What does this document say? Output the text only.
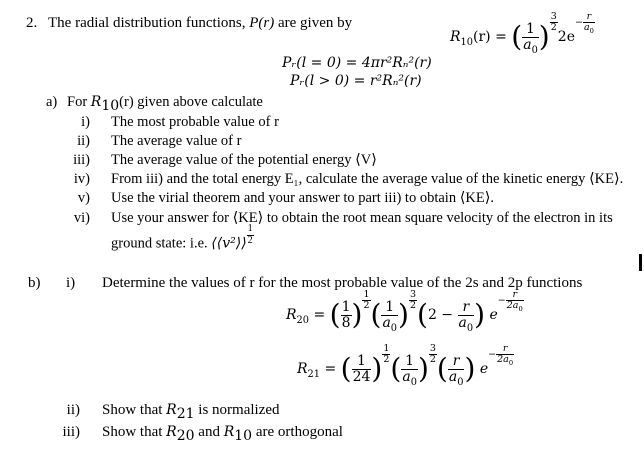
2. The radial distribution functions, P(r) are given by
$R_{10}(r)$ = ( $\frac{1}{a_0}$ ) $\frac{3}{2}$
$2e- \frac{r}{a_0}$
Pᵣ(l = 0) = 4πr²Rₙ²(r)
Pᵣ(l > 0) = r²Rₙ²(r)
a) For $R_{10}(r)$ given above calculate
i) The most probable value of r
ii) The average value of r
iii) The average value of the potential energy ⟨V⟩
iv) From iii) and the total energy E₁, calculate the average value of the kinetic energy ⟨KE⟩.
v) Use the virial theorem and your answer to part iii) to obtain ⟨KE⟩.
vi) Use your answer for ⟨KE⟩ to obtain the root mean square velocity of the electron in its
ground state: i.e. ⟨⟨v²⟩⟩ $\frac{1}{2}$
b) i) Determine the values of r for the most probable value of the 2s and 2p functions
$R_{20}$ = ( $\frac{1}{8}$ ) $\frac{1}{2}$ ( $\frac{1}{a_0}$ ) $\frac{3}{2} (2 - \frac{r}{a_0}$ ) $e- \frac{r}{2a_0}$
$R_{21}$ = ( $\frac{1}{24}$ ) $\frac{1}{2}$ ( $\frac{1}{a_0}$ ) $\frac{3}{2}$ ( $\frac{r}{a_0}$ ) $e- \frac{r}{2a_0}$
ii) Show that $R_{21}$ is normalized
iii) Show that $R_{20}$ and $R_{10}$ are orthogonal
